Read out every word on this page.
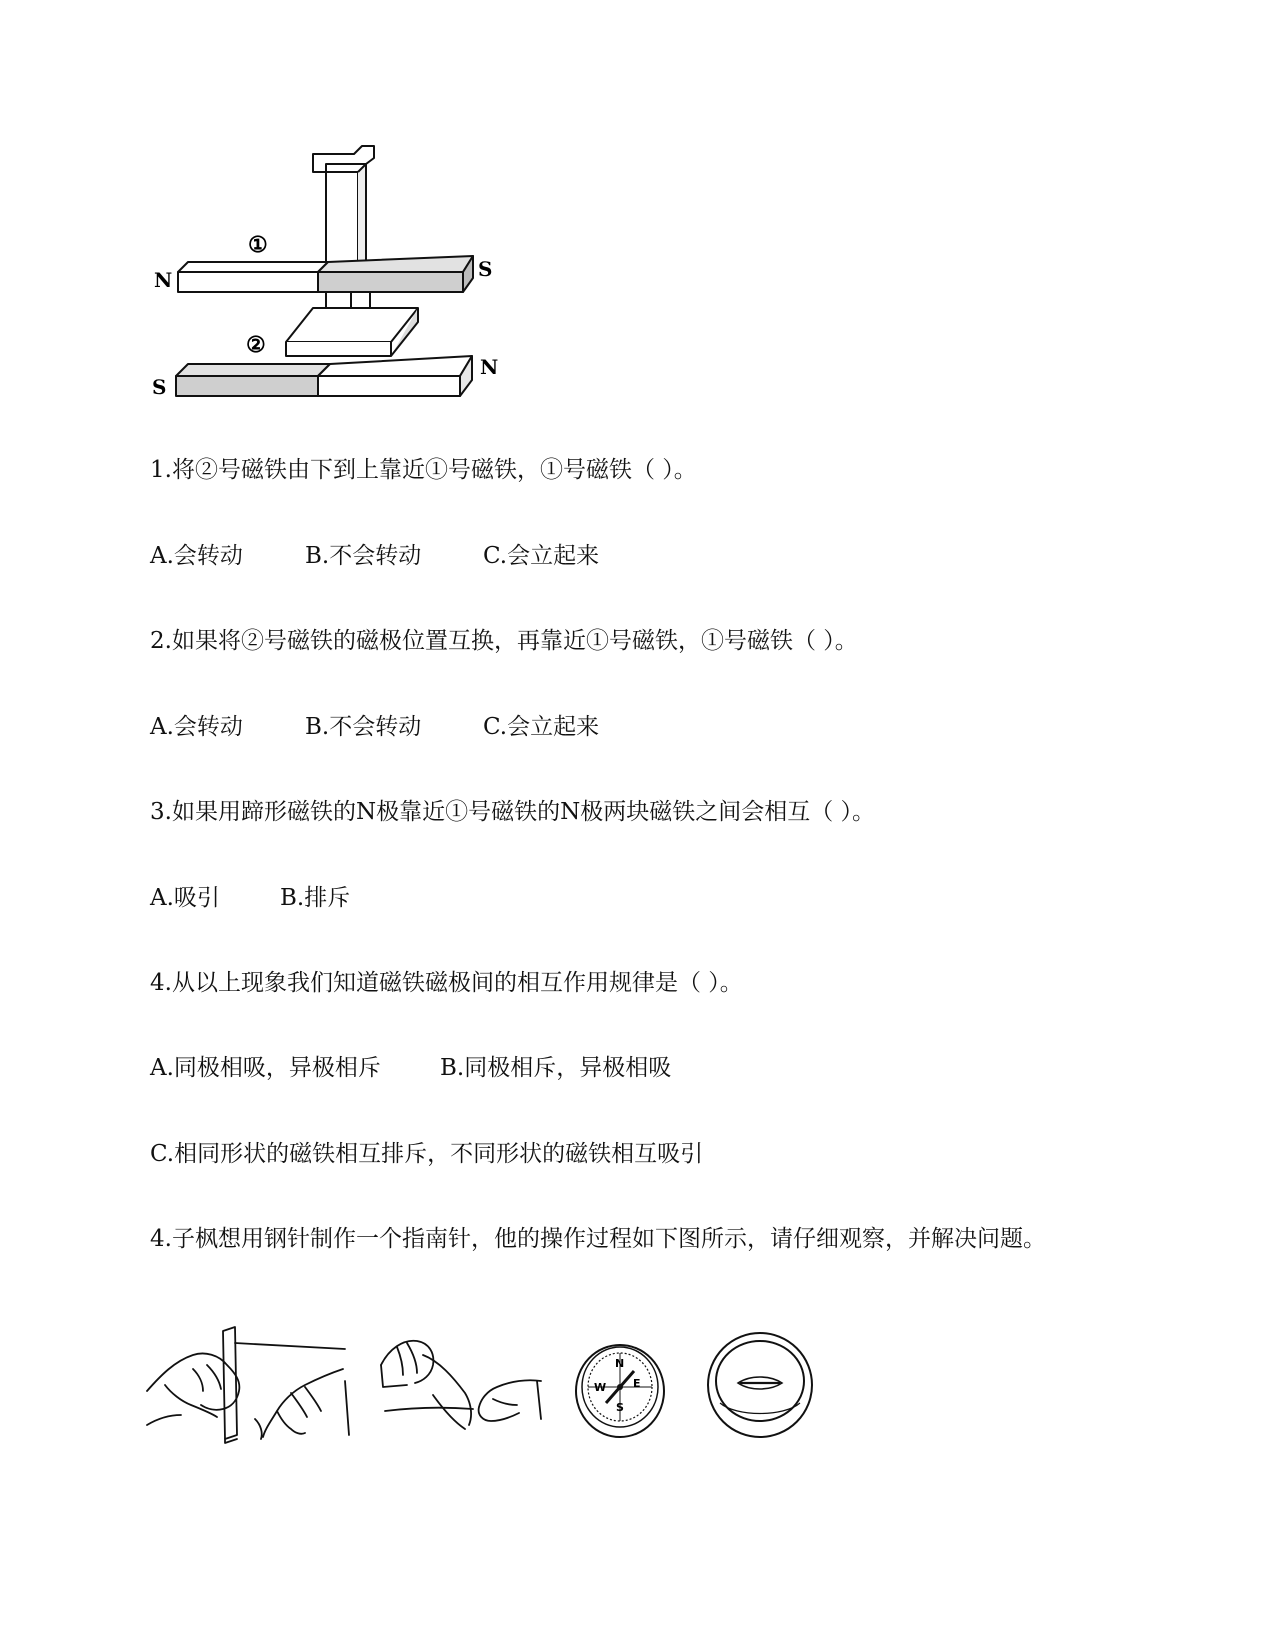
①
②
N	S
S
N
1.将②号磁铁由下到上靠近①号磁铁，①号磁铁（ ）。
A.会转动	B.不会转动	C.会立起来
2.如果将②号磁铁的磁极位置互换，再靠近①号磁铁，①号磁铁（ ）。
A.会转动	B.不会转动	C.会立起来
3.如果用蹄形磁铁的N极靠近①号磁铁的N极两块磁铁之间会相互（ ）。
A.吸引	B.排斥
4.从以上现象我们知道磁铁磁极间的相互作用规律是（ ）。
A.同极相吸，异极相斥	B.同极相斥，异极相吸
C.相同形状的磁铁相互排斥，不同形状的磁铁相互吸引
4.子枫想用钢针制作一个指南针，他的操作过程如下图所示，请仔细观察，并解决问题。
N
E
S
W
